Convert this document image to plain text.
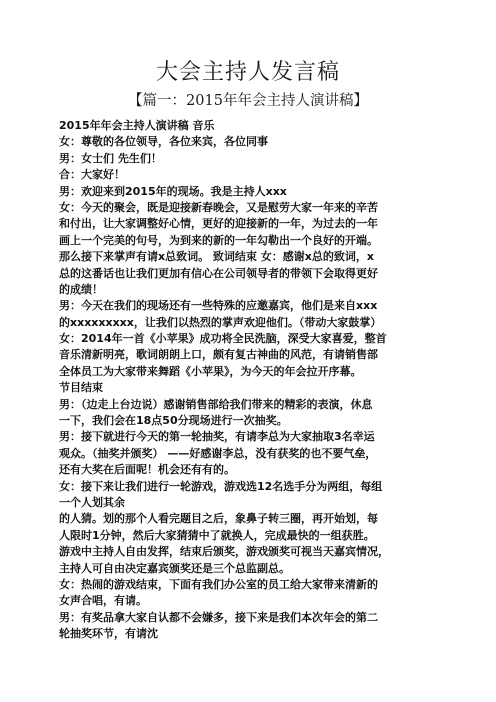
大会主持人发言稿
【篇一：2015年年会主持人演讲稿】
2015年年会主持人演讲稿 音乐
女：尊敬的各位领导，各位来宾，各位同事
男：女士们 先生们！
合：大家好！
男：欢迎来到2015年的现场。我是主持人xxx
女：今天的聚会，既是迎接新春晚会，又是慰劳大家一年来的辛苦
和付出，让大家调整好心情，更好的迎接新的一年，为过去的一年
画上一个完美的句号，为到来的新的一年勾勒出一个良好的开端。
那么接下来掌声有请x总致词。 致词结束 女：感谢x总的致词，x
总的这番话也让我们更加有信心在公司领导者的带领下会取得更好
的成绩！
男：今天在我们的现场还有一些特殊的应邀嘉宾，他们是来自xxx
的xxxxxxxxx，让我们以热烈的掌声欢迎他们。（带动大家鼓掌）
女：2014年一首《小苹果》成功将全民洗脑，深受大家喜爱，整首
音乐清新明亮，歌词朗朗上口，颇有复古神曲的风范，有请销售部
全体员工为大家带来舞蹈《小苹果》，为今天的年会拉开序幕。
节目结束
男：（边走上台边说）感谢销售部给我们带来的精彩的表演，休息
一下，我们会在18点50分现场进行一次抽奖。
男：接下就进行今天的第一轮抽奖，有请李总为大家抽取3名幸运
观众。（抽奖并颁奖） ——好感谢李总，没有获奖的也不要气垒，
还有大奖在后面呢！机会还有有的。
女：接下来让我们进行一轮游戏，游戏选12名选手分为两组，每组
一个人划其余
的人猜。划的那个人看完题目之后，象鼻子转三圈，再开始划，每
人限时1分钟，然后大家猜猜中了就换人，完成最快的一组获胜。
游戏中主持人自由发挥，结束后颁奖，游戏颁奖可视当天嘉宾情况，
主持人可自由决定嘉宾颁奖还是三个总监副总。
女：热闹的游戏结束，下面有我们办公室的员工给大家带来清新的
女声合唱，有请。
男：有奖品拿大家自认都不会嫌多，接下来是我们本次年会的第二
轮抽奖环节，有请沈
